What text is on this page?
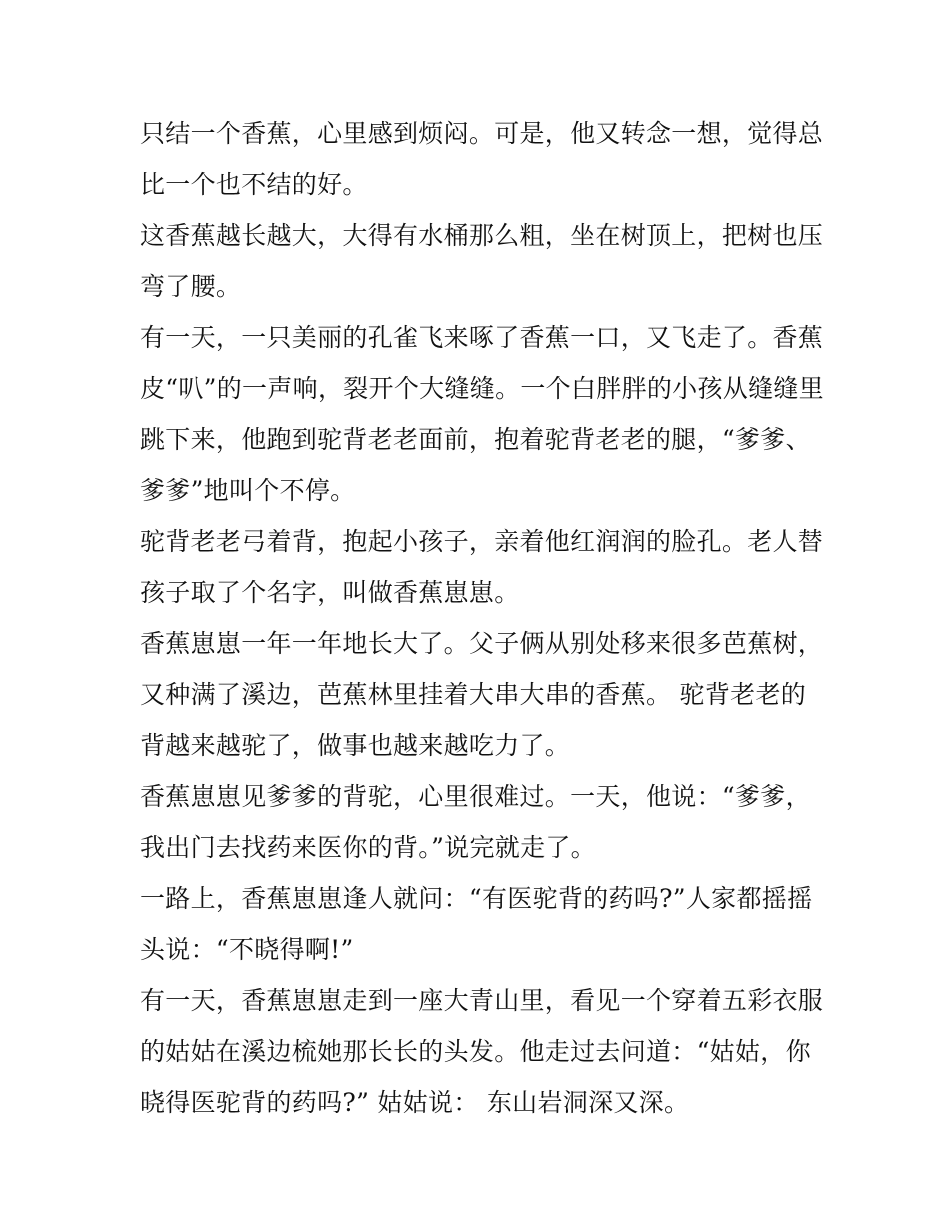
只结一个香蕉，心里感到烦闷。可是，他又转念一想，觉得总
比一个也不结的好。
这香蕉越长越大，大得有水桶那么粗，坐在树顶上，把树也压
弯了腰。
有一天，一只美丽的孔雀飞来啄了香蕉一口，又飞走了。香蕉
皮“叭”的一声响，裂开个大缝缝。一个白胖胖的小孩从缝缝里
跳下来，他跑到驼背老老面前，抱着驼背老老的腿，“爹爹、
爹爹”地叫个不停。
驼背老老弓着背，抱起小孩子，亲着他红润润的脸孔。老人替
孩子取了个名字，叫做香蕉崽崽。
香蕉崽崽一年一年地长大了。父子俩从别处移来很多芭蕉树，
又种满了溪边，芭蕉林里挂着大串大串的香蕉。 驼背老老的
背越来越驼了，做事也越来越吃力了。
香蕉崽崽见爹爹的背驼，心里很难过。一天，他说：“爹爹，
我出门去找药来医你的背。”说完就走了。
一路上，香蕉崽崽逢人就问：“有医驼背的药吗?”人家都摇摇
头说：“不晓得啊!”
有一天，香蕉崽崽走到一座大青山里，看见一个穿着五彩衣服
的姑姑在溪边梳她那长长的头发。他走过去问道：“姑姑，你
晓得医驼背的药吗?” 姑姑说： 东山岩洞深又深。
